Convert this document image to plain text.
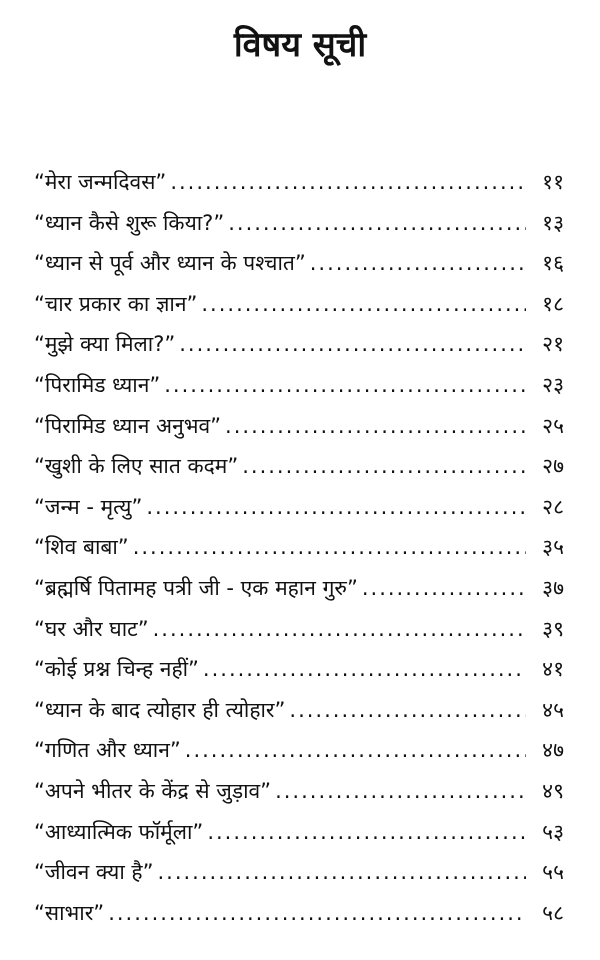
विषय सूची
“मेरा जन्मदिवस” .....	११
“ध्यान कैसे शुरू किया?” .....	१३
“ध्यान से पूर्व और ध्यान के पश्चात” .....	१६
“चार प्रकार का ज्ञान” .....	१८
“मुझे क्या मिला?” .....	२१
“पिरामिड ध्यान” .....	२३
“पिरामिड ध्यान अनुभव” .....	२५
“खुशी के लिए सात कदम” .....	२७
“जन्म - मृत्यु” .....	२८
“शिव बाबा” .....	३५
“ब्रह्मर्षि पितामह पत्री जी - एक महान गुरु” .....	३७
“घर और घाट” .....	३९
“कोई प्रश्न चिन्ह नहीं” .....	४१
“ध्यान के बाद त्योहार ही त्योहार” .....	४५
“गणित और ध्यान” .....	४७
“अपने भीतर के केंद्र से जुड़ाव” .....	४९
“आध्यात्मिक फॉर्मूला” .....	५३
“जीवन क्या है” .....	५५
“साभार” .....	५८
